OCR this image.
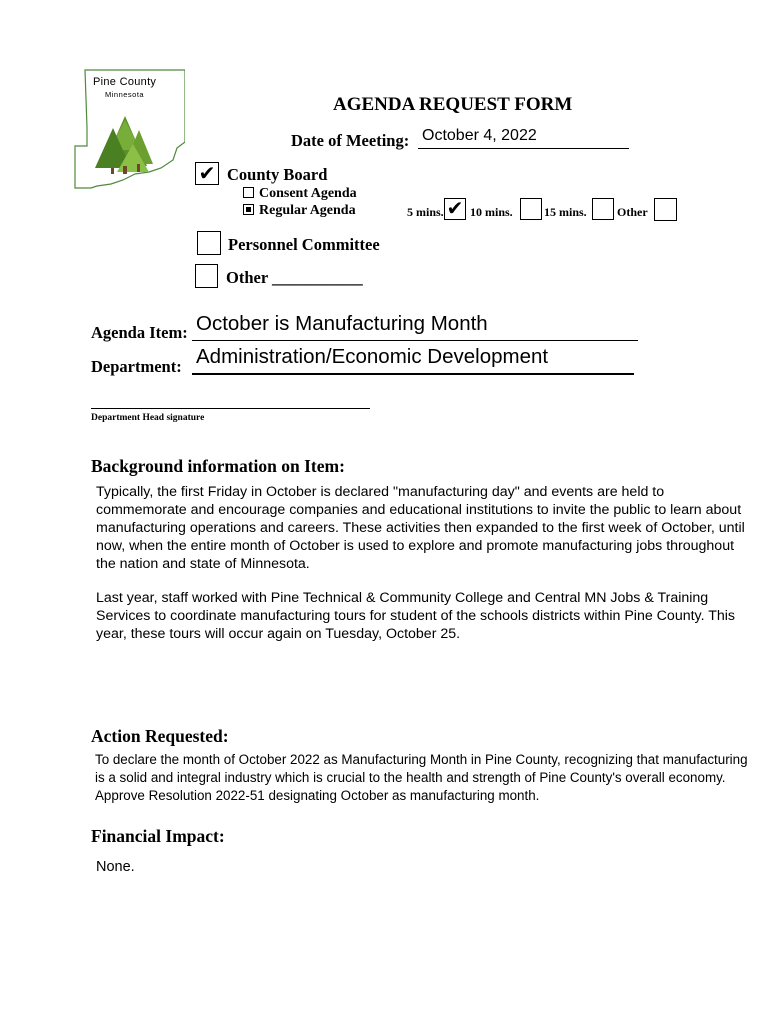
Pine County
Minnesota	AGENDA REQUEST FORM
Date of Meeting: October 4, 2022
✔ County Board
Consent Agenda
Regular Agenda	5 mins. ✔ 10 mins.	15 mins.	Other
Personnel Committee
Other ___________
Agenda Item: October is Manufacturing Month
Department: Administration/Economic Development
Department Head signature
Background information on Item:

Typically, the first Friday in October is declared "manufacturing day" and events are held to commemorate and encourage companies and educational institutions to invite the public to learn about manufacturing operations and careers. These activities then expanded to the first week of October, until now, when the entire month of October is used to explore and promote manufacturing jobs throughout the nation and state of Minnesota.

Last year, staff worked with Pine Technical & Community College and Central MN Jobs & Training Services to coordinate manufacturing tours for student of the schools districts within Pine County. This year, these tours will occur again on Tuesday, October 25.

Action Requested:
To declare the month of October 2022 as Manufacturing Month in Pine County, recognizing that manufacturing is a solid and integral industry which is crucial to the health and strength of Pine County's overall economy. Approve Resolution 2022-51 designating October as manufacturing month.
Financial Impact:
None.
